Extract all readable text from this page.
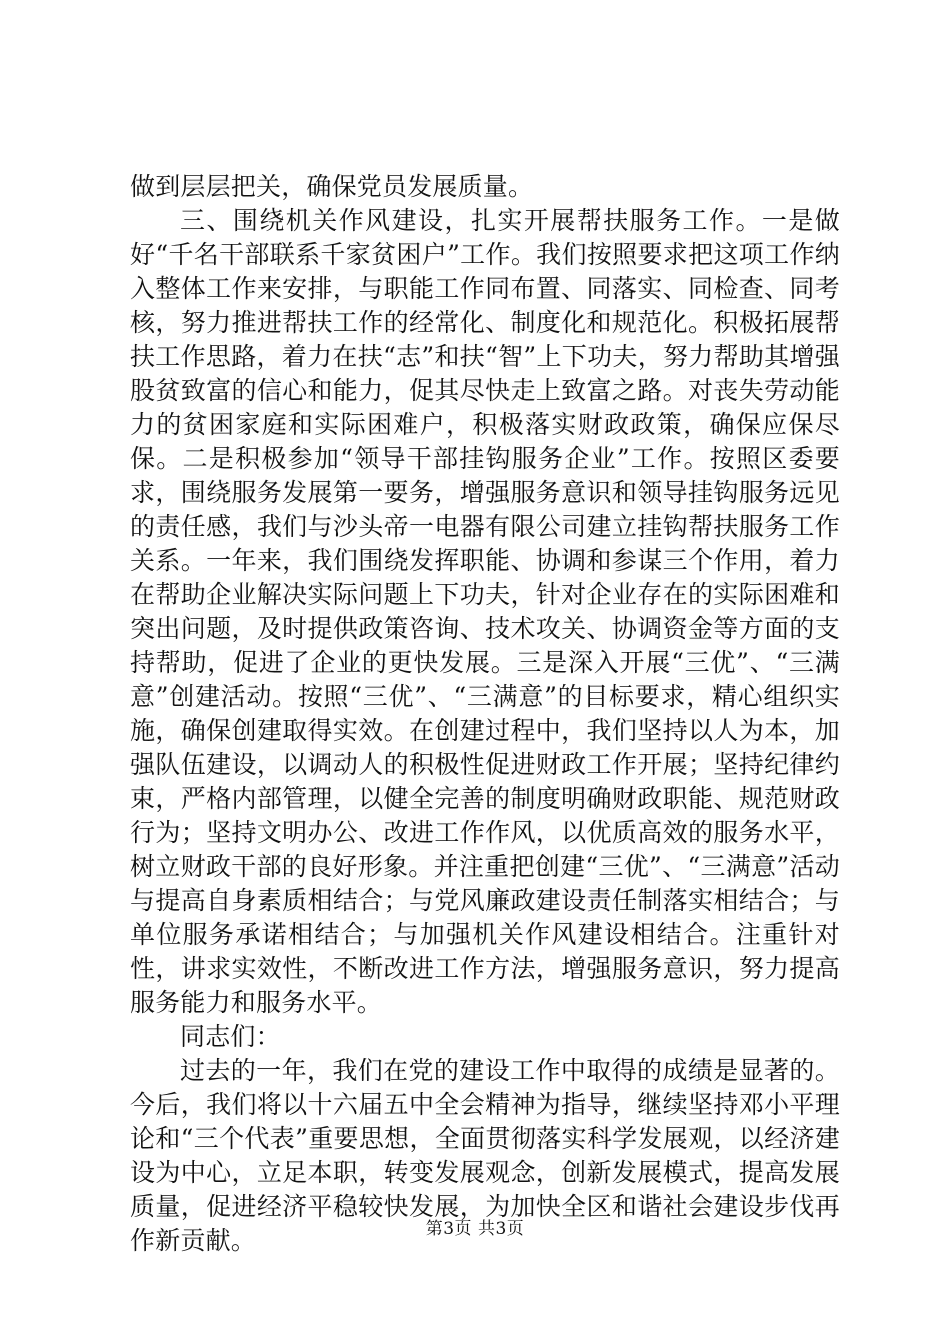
做到层层把关，确保党员发展质量。

三、围绕机关作风建设，扎实开展帮扶服务工作。一是做好“千名干部联系千家贫困户”工作。我们按照要求把这项工作纳入整体工作来安排，与职能工作同布置、同落实、同检查、同考核，努力推进帮扶工作的经常化、制度化和规范化。积极拓展帮扶工作思路，着力在扶“志”和扶“智”上下功夫，努力帮助其增强股贫致富的信心和能力，促其尽快走上致富之路。对丧失劳动能力的贫困家庭和实际困难户，积极落实财政政策，确保应保尽保。二是积极参加“领导干部挂钩服务企业”工作。按照区委要求，围绕服务发展第一要务，增强服务意识和领导挂钩服务远见的责任感，我们与沙头帝一电器有限公司建立挂钩帮扶服务工作关系。一年来，我们围绕发挥职能、协调和参谋三个作用，着力在帮助企业解决实际问题上下功夫，针对企业存在的实际困难和突出问题，及时提供政策咨询、技术攻关、协调资金等方面的支持帮助，促进了企业的更快发展。三是深入开展“三优”、“三满意”创建活动。按照“三优”、“三满意”的目标要求，精心组织实施，确保创建取得实效。在创建过程中，我们坚持以人为本，加强队伍建设，以调动人的积极性促进财政工作开展；坚持纪律约束，严格内部管理，以健全完善的制度明确财政职能、规范财政行为；坚持文明办公、改进工作作风，以优质高效的服务水平，树立财政干部的良好形象。并注重把创建“三优”、“三满意”活动与提高自身素质相结合；与党风廉政建设责任制落实相结合；与单位服务承诺相结合；与加强机关作风建设相结合。注重针对性，讲求实效性，不断改进工作方法，增强服务意识，努力提高服务能力和服务水平。

同志们：

过去的一年，我们在党的建设工作中取得的成绩是显著的。今后，我们将以十六届五中全会精神为指导，继续坚持邓小平理论和“三个代表”重要思想，全面贯彻落实科学发展观，以经济建设为中心，立足本职，转变发展观念，创新发展模式，提高发展质量，促进经济平稳较快发展，为加快全区和谐社会建设步伐再作新贡献。	第3页 共3页
